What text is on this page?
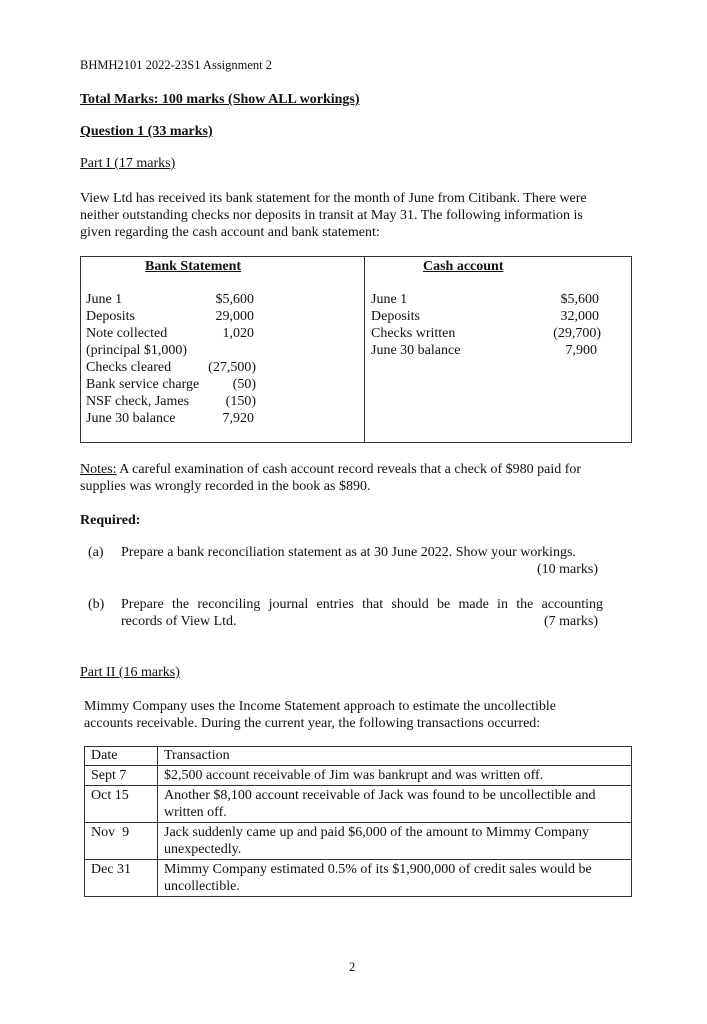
BHMH2101 2022-23S1 Assignment 2
Total Marks: 100 marks (Show ALL workings)
Question 1 (33 marks)
Part I (17 marks)
View Ltd has received its bank statement for the month of June from Citibank. There were
neither outstanding checks nor deposits in transit at May 31. The following information is
given regarding the cash account and bank statement:
Bank Statement	Cash account
June 1	$5,600
Deposits	29,000
Note collected	1,020
(principal $1,000)
Checks cleared	(27,500)
Bank service charge	(50)
NSF check, James	(150)
June 30 balance	7,920
June 1	$5,600
Deposits	32,000
Checks written	(29,700)
June 30 balance	7,900
Notes: A careful examination of cash account record reveals that a check of $980 paid for
supplies was wrongly recorded in the book as $890.
Required:
(a) Prepare a bank reconciliation statement as at 30 June 2022. Show your workings.
(10 marks)
(b) Prepare the reconciling journal entries that should be made in the accounting
records of View Ltd.	(7 marks)
Part II (16 marks)
Mimmy Company uses the Income Statement approach to estimate the uncollectible
accounts receivable. During the current year, the following transactions occurred:
Date	Transaction
Sept 7	$2,500 account receivable of Jim was bankrupt and was written off.

Oct 15	Another $8,100 account receivable of Jack was found to be uncollectible and
written off.

Nov  9	Jack suddenly came up and paid $6,000 of the amount to Mimmy Company
unexpectedly.

Dec 31	Mimmy Company estimated 0.5% of its $1,900,000 of credit sales would be
uncollectible.
2
